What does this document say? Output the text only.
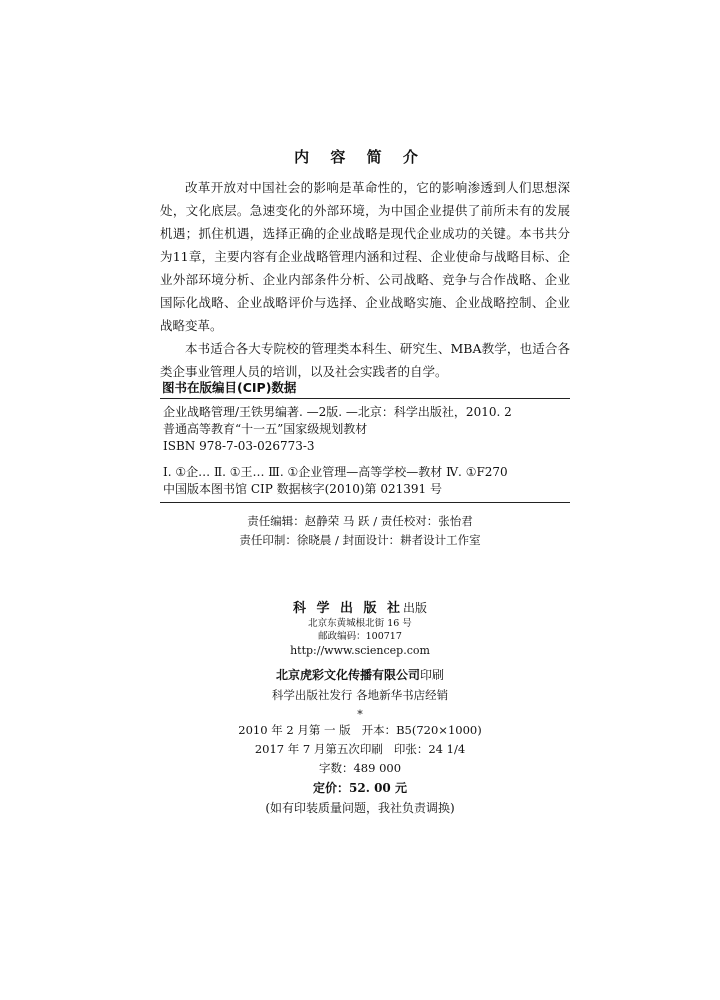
内 容 简 介

改革开放对中国社会的影响是革命性的，它的影响渗透到人们思想深处，文化底层。急速变化的外部环境，为中国企业提供了前所未有的发展机遇；抓住机遇，选择正确的企业战略是现代企业成功的关键。本书共分为11章，主要内容有企业战略管理内涵和过程、企业使命与战略目标、企业外部环境分析、企业内部条件分析、公司战略、竞争与合作战略、企业国际化战略、企业战略评价与选择、企业战略实施、企业战略控制、企业战略变革。

本书适合各大专院校的管理类本科生、研究生、MBA教学，也适合各类企事业管理人员的培训，以及社会实践者的自学。

图书在版编目(CIP)数据
企业战略管理/王铁男编著. —2版. —北京：科学出版社，2010. 2
普通高等教育“十一五”国家级规划教材
ISBN 978-7-03-026773-3
Ⅰ. ①企… Ⅱ. ①王… Ⅲ. ①企业管理—高等学校—教材 Ⅳ. ①F270
中国版本图书馆 CIP 数据核字(2010)第 021391 号
责任编辑：赵静荣 马 跃 / 责任校对：张怡君
责任印制：徐晓晨 / 封面设计：耕者设计工作室
科 学 出 版 社出版
北京东黄城根北街 16 号
邮政编码：100717
http://www.sciencep.com
北京虎彩文化传播有限公司印刷
科学出版社发行 各地新华书店经销
*
2010 年 2 月第 一 版   开本：B5(720×1000)
2017 年 7 月第五次印刷   印张：24 1/4
字数：489 000
定价：52. 00 元
(如有印装质量问题，我社负责调换)
